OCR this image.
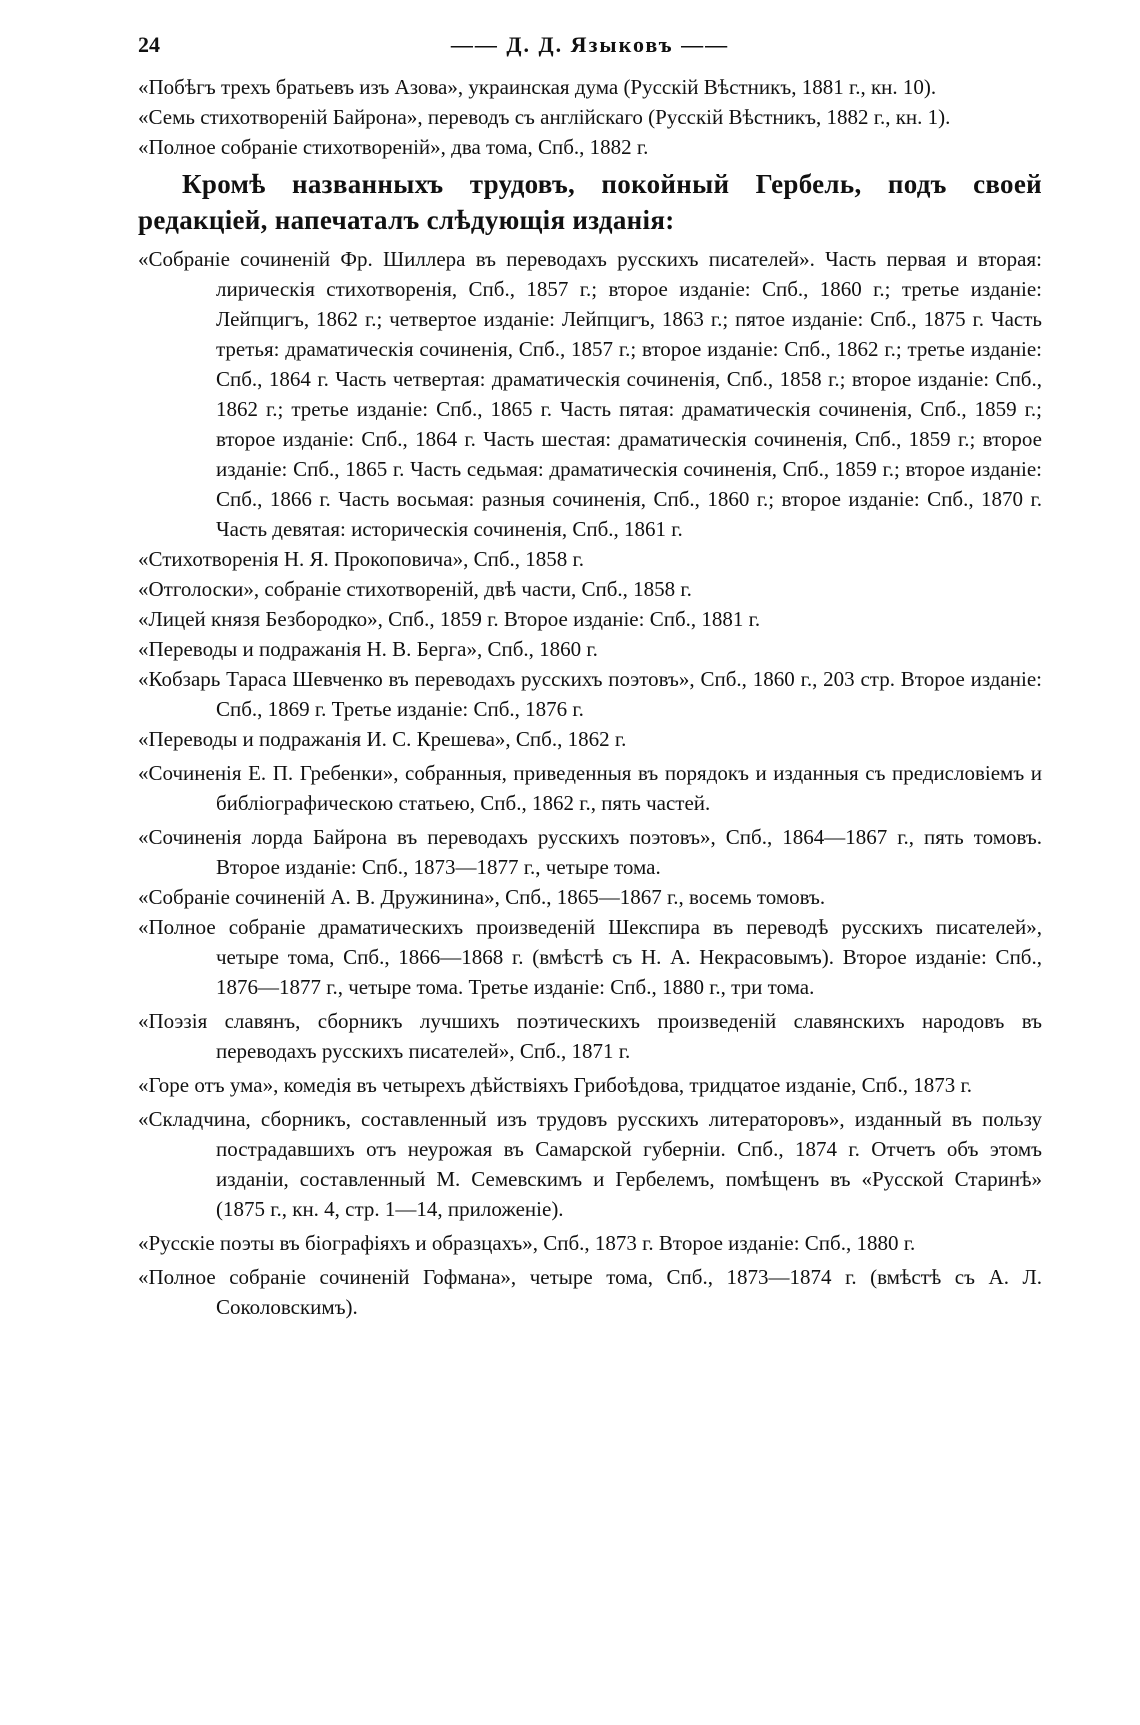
24	—— Д. Д. Языковъ ——

«Побѣгъ трехъ братьевъ изъ Азова», украинская дума (Русскій Вѣстникъ, 1881 г., кн. 10).

«Семь стихотвореній Байрона», переводъ съ англійскаго (Русскій Вѣстникъ, 1882 г., кн. 1).

«Полное собраніе стихотвореній», два тома, Спб., 1882 г.

Кромѣ названныхъ трудовъ, покойный Гербель, подъ своей редакціей, напечаталъ слѣдующія изданія:

«Собраніе сочиненій Фр. Шиллера въ переводахъ русскихъ писателей». Часть первая и вторая: лирическія стихотворенія, Спб., 1857 г.; второе изданіе: Спб., 1860 г.; третье изданіе: Лейпцигъ, 1862 г.; четвертое изданіе: Лейпцигъ, 1863 г.; пятое изданіе: Спб., 1875 г. Часть третья: драматическія сочиненія, Спб., 1857 г.; второе изданіе: Спб., 1862 г.; третье изданіе: Спб., 1864 г. Часть четвертая: драматическія сочиненія, Спб., 1858 г.; второе изданіе: Спб., 1862 г.; третье изданіе: Спб., 1865 г. Часть пятая: драматическія сочиненія, Спб., 1859 г.; второе изданіе: Спб., 1864 г. Часть шестая: драматическія сочиненія, Спб., 1859 г.; второе изданіе: Спб., 1865 г. Часть седьмая: драматическія сочиненія, Спб., 1859 г.; второе изданіе: Спб., 1866 г. Часть восьмая: разныя сочиненія, Спб., 1860 г.; второе изданіе: Спб., 1870 г. Часть девятая: историческія сочиненія, Спб., 1861 г.

«Стихотворенія Н. Я. Прокоповича», Спб., 1858 г.

«Отголоски», собраніе стихотвореній, двѣ части, Спб., 1858 г.

«Лицей князя Безбородко», Спб., 1859 г. Второе изданіе: Спб., 1881 г.

«Переводы и подражанія Н. В. Берга», Спб., 1860 г.

«Кобзарь Тараса Шевченко въ переводахъ русскихъ поэтовъ», Спб., 1860 г., 203 стр. Второе изданіе: Спб., 1869 г. Третье изданіе: Спб., 1876 г.

«Переводы и подражанія И. С. Крешева», Спб., 1862 г.

«Сочиненія Е. П. Гребенки», собранныя, приведенныя въ порядокъ и изданныя съ предисловіемъ и библіографическою статьею, Спб., 1862 г., пять частей.

«Сочиненія лорда Байрона въ переводахъ русскихъ поэтовъ», Спб., 1864—1867 г., пять томовъ. Второе изданіе: Спб., 1873—1877 г., четыре тома.

«Собраніе сочиненій А. В. Дружинина», Спб., 1865—1867 г., восемь томовъ.

«Полное собраніе драматическихъ произведеній Шекспира въ переводѣ русскихъ писателей», четыре тома, Спб., 1866—1868 г. (вмѣстѣ съ Н. А. Некрасовымъ). Второе изданіе: Спб., 1876—1877 г., четыре тома. Третье изданіе: Спб., 1880 г., три тома.

«Поэзія славянъ, сборникъ лучшихъ поэтическихъ произведеній славянскихъ народовъ въ переводахъ русскихъ писателей», Спб., 1871 г.

«Горе отъ ума», комедія въ четырехъ дѣйствіяхъ Грибоѣдова, тридцатое изданіе, Спб., 1873 г.

«Складчина, сборникъ, составленный изъ трудовъ русскихъ литераторовъ», изданный въ пользу пострадавшихъ отъ неурожая въ Самарской губерніи. Спб., 1874 г. Отчетъ объ этомъ изданіи, составленный М. Семевскимъ и Гербелемъ, помѣщенъ въ «Русской Старинѣ» (1875 г., кн. 4, стр. 1—14, приложеніе).

«Русскіе поэты въ біографіяхъ и образцахъ», Спб., 1873 г. Второе изданіе: Спб., 1880 г.

«Полное собраніе сочиненій Гофмана», четыре тома, Спб., 1873—1874 г. (вмѣстѣ съ А. Л. Соколовскимъ).
